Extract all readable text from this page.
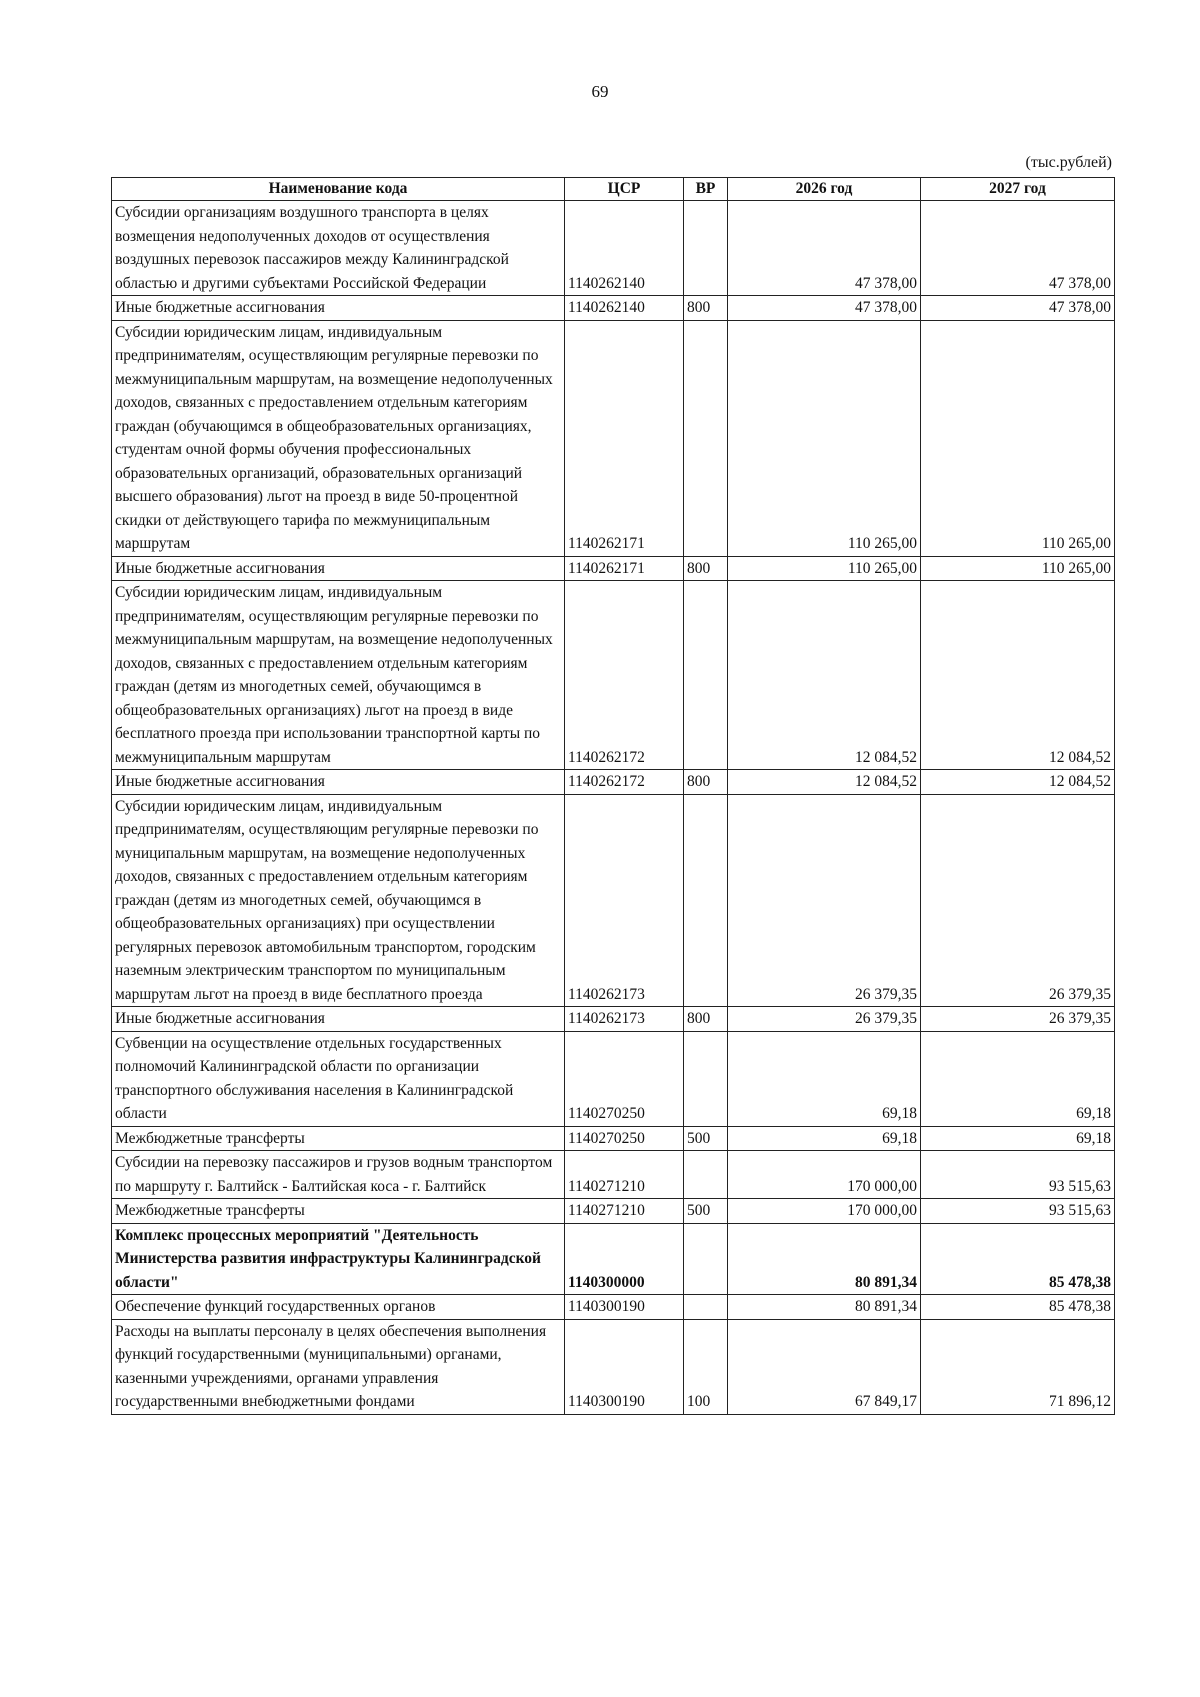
69
(тыс.рублей)
Наименование кода	ЦСР	ВР	2026 год	2027 год
Субсидии организациям воздушного транспорта в целях возмещения недополученных доходов от осуществления воздушных перевозок пассажиров между Калининградской областью и другими субъектами Российской Федерации	1140262140		47 378,00	47 378,00
Иные бюджетные ассигнования	1140262140	800	47 378,00	47 378,00
Субсидии юридическим лицам, индивидуальным предпринимателям, осуществляющим регулярные перевозки по межмуниципальным маршрутам, на возмещение недополученных доходов, связанных с предоставлением отдельным категориям граждан (обучающимся в общеобразовательных организациях, студентам очной формы обучения профессиональных образовательных организаций, образовательных организаций высшего образования) льгот на проезд в виде 50-процентной скидки от действующего тарифа по межмуниципальным маршрутам	1140262171		110 265,00	110 265,00
Иные бюджетные ассигнования	1140262171	800	110 265,00	110 265,00
Субсидии юридическим лицам, индивидуальным предпринимателям, осуществляющим регулярные перевозки по межмуниципальным маршрутам, на возмещение недополученных доходов, связанных с предоставлением отдельным категориям граждан (детям из многодетных семей, обучающимся в общеобразовательных организациях) льгот на проезд в виде бесплатного проезда при использовании транспортной карты по межмуниципальным маршрутам	1140262172		12 084,52	12 084,52
Иные бюджетные ассигнования	1140262172	800	12 084,52	12 084,52
Субсидии юридическим лицам, индивидуальным предпринимателям, осуществляющим регулярные перевозки по муниципальным маршрутам, на возмещение недополученных доходов, связанных с предоставлением отдельным категориям граждан (детям из многодетных семей, обучающимся в общеобразовательных организациях) при осуществлении регулярных перевозок автомобильным транспортом, городским наземным электрическим транспортом по муниципальным маршрутам льгот на проезд в виде бесплатного проезда	1140262173		26 379,35	26 379,35
Иные бюджетные ассигнования	1140262173	800	26 379,35	26 379,35
Субвенции на осуществление отдельных государственных полномочий Калининградской области по организации транспортного обслуживания населения в Калининградской области	1140270250		69,18	69,18
Межбюджетные трансферты	1140270250	500	69,18	69,18
Субсидии на перевозку пассажиров и грузов водным транспортом по маршруту г. Балтийск - Балтийская коса - г. Балтийск	1140271210		170 000,00	93 515,63
Межбюджетные трансферты	1140271210	500	170 000,00	93 515,63
Комплекс процессных мероприятий "Деятельность Министерства развития инфраструктуры Калининградской области"	1140300000		80 891,34	85 478,38
Обеспечение функций государственных органов	1140300190		80 891,34	85 478,38
Расходы на выплаты персоналу в целях обеспечения выполнения функций государственными (муниципальными) органами, казенными учреждениями, органами управления государственными внебюджетными фондами	1140300190	100	67 849,17	71 896,12
